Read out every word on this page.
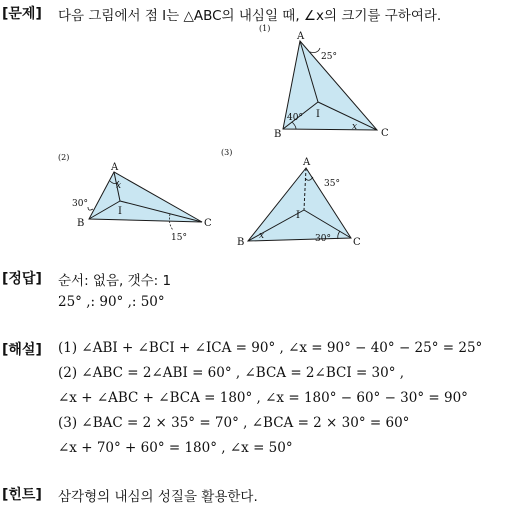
[문제] 다음 그림에서 점 I는 △ABC의 내심일 때, ∠x의 크기를 구하여라.
(1)
A
B	C
I
25°
40°
x
(2)
A
B	C
I
x
30°
15°
(3)
A
B	C
I
35°
30°
x
[정답] 순서: 없음, 갯수: 1
25° ,: 90° ,: 50°
[해설] (1) ∠ABI + ∠BCI + ∠ICA = 90° , ∠x = 90° − 40° − 25° = 25°
(2) ∠ABC = 2∠ABI = 60° , ∠BCA = 2∠BCI = 30° ,
∠x + ∠ABC + ∠BCA = 180° , ∠x = 180° − 60° − 30° = 90°
(3) ∠BAC = 2 × 35° = 70° , ∠BCA = 2 × 30° = 60°
∠x + 70° + 60° = 180° , ∠x = 50°
[힌트] 삼각형의 내심의 성질을 활용한다.
